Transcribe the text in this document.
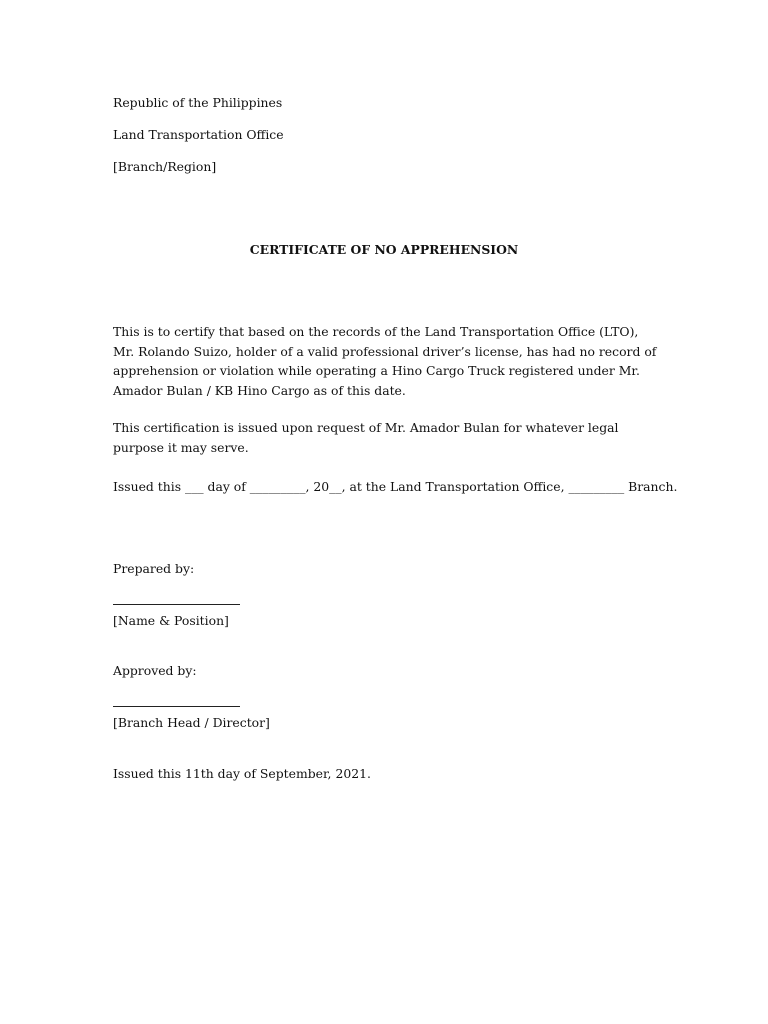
Republic of the Philippines
Land Transportation Office
[Branch/Region]
CERTIFICATE OF NO APPREHENSION
This is to certify that based on the records of the Land Transportation Office (LTO), Mr. Rolando Suizo, holder of a valid professional driver’s license, has had no record of apprehension or violation while operating a Hino Cargo Truck registered under Mr. Amador Bulan / KB Hino Cargo as of this date.
This certification is issued upon request of Mr. Amador Bulan for whatever legal purpose it may serve.
Issued this ___ day of _________, 20__, at the Land Transportation Office, _________ Branch.
Prepared by:
[Name & Position]
Approved by:
[Branch Head / Director]
Issued this 11th day of September, 2021.
